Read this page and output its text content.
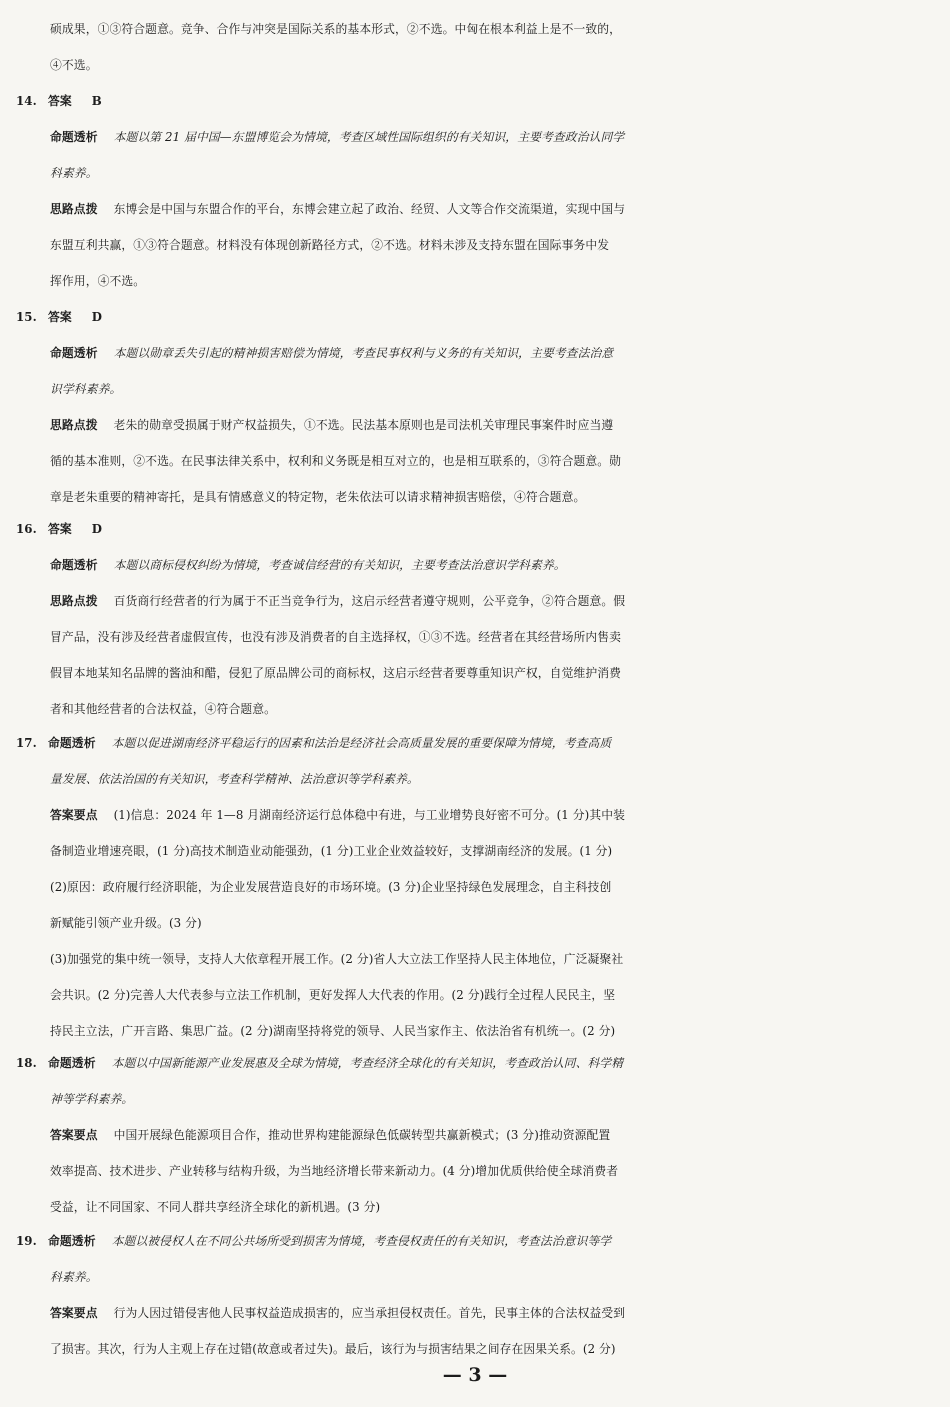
硕成果，①③符合题意。竞争、合作与冲突是国际关系的基本形式，②不选。中匈在根本利益上是不一致的，
④不选。
14. 答案 B
命题透析 本题以第 21 届中国—东盟博览会为情境，考查区域性国际组织的有关知识，主要考查政治认同学
科素养。
思路点拨 东博会是中国与东盟合作的平台，东博会建立起了政治、经贸、人文等合作交流渠道，实现中国与
东盟互利共赢，①③符合题意。材料没有体现创新路径方式，②不选。材料未涉及支持东盟在国际事务中发
挥作用，④不选。
15. 答案 D
命题透析 本题以勋章丢失引起的精神损害赔偿为情境，考查民事权利与义务的有关知识，主要考查法治意
识学科素养。
思路点拨 老朱的勋章受损属于财产权益损失，①不选。民法基本原则也是司法机关审理民事案件时应当遵
循的基本准则，②不选。在民事法律关系中，权利和义务既是相互对立的，也是相互联系的，③符合题意。勋
章是老朱重要的精神寄托，是具有情感意义的特定物，老朱依法可以请求精神损害赔偿，④符合题意。
16. 答案 D
命题透析 本题以商标侵权纠纷为情境，考查诚信经营的有关知识，主要考查法治意识学科素养。
思路点拨 百货商行经营者的行为属于不正当竞争行为，这启示经营者遵守规则，公平竞争，②符合题意。假
冒产品，没有涉及经营者虚假宣传，也没有涉及消费者的自主选择权，①③不选。经营者在其经营场所内售卖
假冒本地某知名品牌的酱油和醋，侵犯了原品牌公司的商标权，这启示经营者要尊重知识产权，自觉维护消费
者和其他经营者的合法权益，④符合题意。
17. 命题透析 本题以促进湖南经济平稳运行的因素和法治是经济社会高质量发展的重要保障为情境，考查高质
量发展、依法治国的有关知识，考查科学精神、法治意识等学科素养。
答案要点 (1)信息：2024 年 1—8 月湖南经济运行总体稳中有进，与工业增势良好密不可分。(1 分)其中装
备制造业增速亮眼，(1 分)高技术制造业动能强劲，(1 分)工业企业效益较好，支撑湖南经济的发展。(1 分)
(2)原因：政府履行经济职能，为企业发展营造良好的市场环境。(3 分)企业坚持绿色发展理念，自主科技创
新赋能引领产业升级。(3 分)
(3)加强党的集中统一领导，支持人大依章程开展工作。(2 分)省人大立法工作坚持人民主体地位，广泛凝聚社
会共识。(2 分)完善人大代表参与立法工作机制，更好发挥人大代表的作用。(2 分)践行全过程人民民主，坚
持民主立法，广开言路、集思广益。(2 分)湖南坚持将党的领导、人民当家作主、依法治省有机统一。(2 分)
18. 命题透析 本题以中国新能源产业发展惠及全球为情境，考查经济全球化的有关知识，考查政治认同、科学精
神等学科素养。
答案要点 中国开展绿色能源项目合作，推动世界构建能源绿色低碳转型共赢新模式；(3 分)推动资源配置
效率提高、技术进步、产业转移与结构升级，为当地经济增长带来新动力。(4 分)增加优质供给使全球消费者
受益，让不同国家、不同人群共享经济全球化的新机遇。(3 分)
19. 命题透析 本题以被侵权人在不同公共场所受到损害为情境，考查侵权责任的有关知识，考查法治意识等学
科素养。
答案要点 行为人因过错侵害他人民事权益造成损害的，应当承担侵权责任。首先，民事主体的合法权益受到
了损害。其次，行为人主观上存在过错(故意或者过失)。最后，该行为与损害结果之间存在因果关系。(2 分)
— 3 —
